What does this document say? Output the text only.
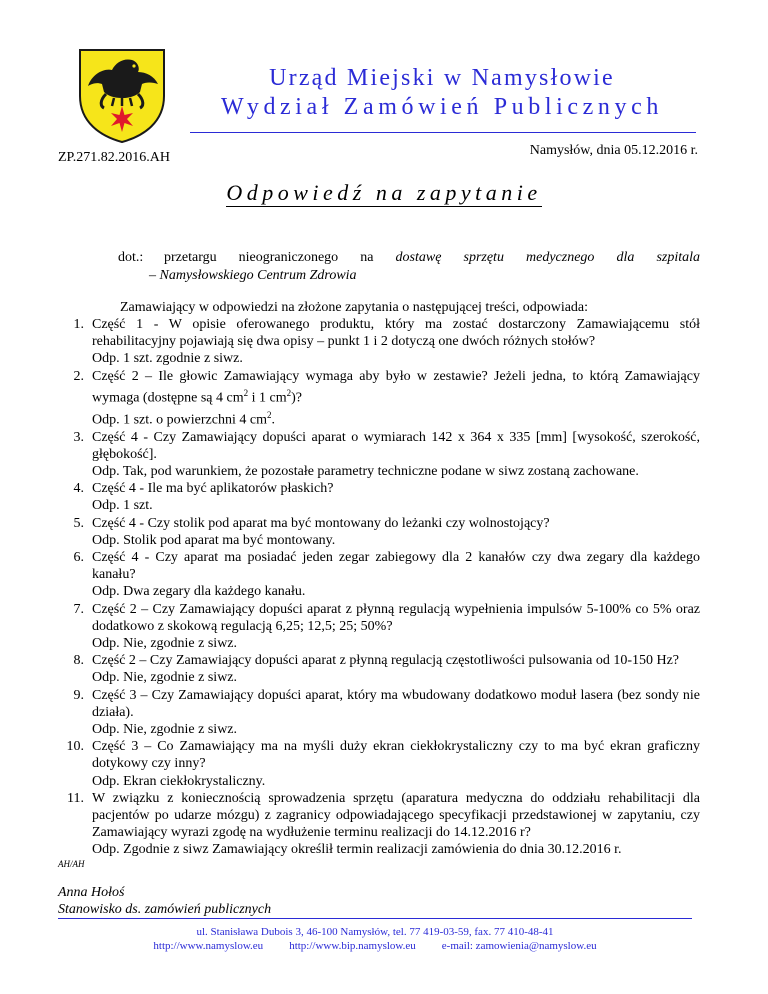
Urząd Miejski w Namysłowie
Wydział Zamówień Publicznych
Namysłów, dnia 05.12.2016 r.
ZP.271.82.2016.AH
Odpowiedź na zapytanie
dot.:	przetargu nieograniczonego na dostawę sprzętu medycznego dla szpitala
– Namysłowskiego Centrum Zdrowia
Zamawiający w odpowiedzi na złożone zapytania o następującej treści, odpowiada:
1. Część 1 - W opisie oferowanego produktu, który ma zostać dostarczony Zamawiającemu stół rehabilitacyjny pojawiają się dwa opisy – punkt 1 i 2 dotyczą one dwóch różnych stołów?

Odp. 1 szt. zgodnie z siwz.

2. Część 2 – Ile głowic Zamawiający wymaga aby było w zestawie? Jeżeli jedna, to którą Zamawiający wymaga (dostępne są 4 $cm^2$ i 1 $cm^2$)?

Odp. 1 szt. o powierzchni 4 $cm^2$.

3. Część 4 - Czy Zamawiający dopuści aparat o wymiarach 142 x 364 x 335 [mm] [wysokość, szerokość, głębokość].

Odp. Tak, pod warunkiem, że pozostałe parametry techniczne podane w siwz zostaną zachowane.

4. Część 4 - Ile ma być aplikatorów płaskich?

Odp. 1 szt.

5. Część 4 - Czy stolik pod aparat ma być montowany do leżanki czy wolnostojący?

Odp. Stolik pod aparat ma być montowany.

6. Część 4 - Czy aparat ma posiadać jeden zegar zabiegowy dla 2 kanałów czy dwa zegary dla każdego kanału?

Odp. Dwa zegary dla każdego kanału.

7. Część 2 – Czy Zamawiający dopuści aparat z płynną regulacją wypełnienia impulsów 5-100% co 5% oraz dodatkowo z skokową regulacją 6,25; 12,5; 25; 50%?

Odp. Nie, zgodnie z siwz.

8. Część 2 – Czy Zamawiający dopuści aparat z płynną regulacją częstotliwości pulsowania od 10-150 Hz?

Odp. Nie, zgodnie z siwz.

9. Część 3 – Czy Zamawiający dopuści aparat, który ma wbudowany dodatkowo moduł lasera (bez sondy nie działa).

Odp. Nie, zgodnie z siwz.

10. Część 3 – Co Zamawiający ma na myśli duży ekran ciekłokrystaliczny czy to ma być ekran graficzny dotykowy czy inny?

Odp. Ekran ciekłokrystaliczny.

11. W związku z koniecznością sprowadzenia sprzętu (aparatura medyczna do oddziału rehabilitacji dla pacjentów po udarze mózgu) z zagranicy odpowiadającego specyfikacji przedstawionej w zapytaniu, czy Zamawiający wyrazi zgodę na wydłużenie terminu realizacji do 14.12.2016 r?

Odp. Zgodnie z siwz Zamawiający określił termin realizacji zamówienia do dnia 30.12.2016 r.

AH/AH
Anna Hołoś
Stanowisko ds. zamówień publicznych
ul. Stanisława Dubois 3, 46-100 Namysłów, tel. 77 419-03-59, fax. 77 410-48-41
http://www.namyslow.eu http://www.bip.namyslow.eu e-mail: zamowienia@namyslow.eu
